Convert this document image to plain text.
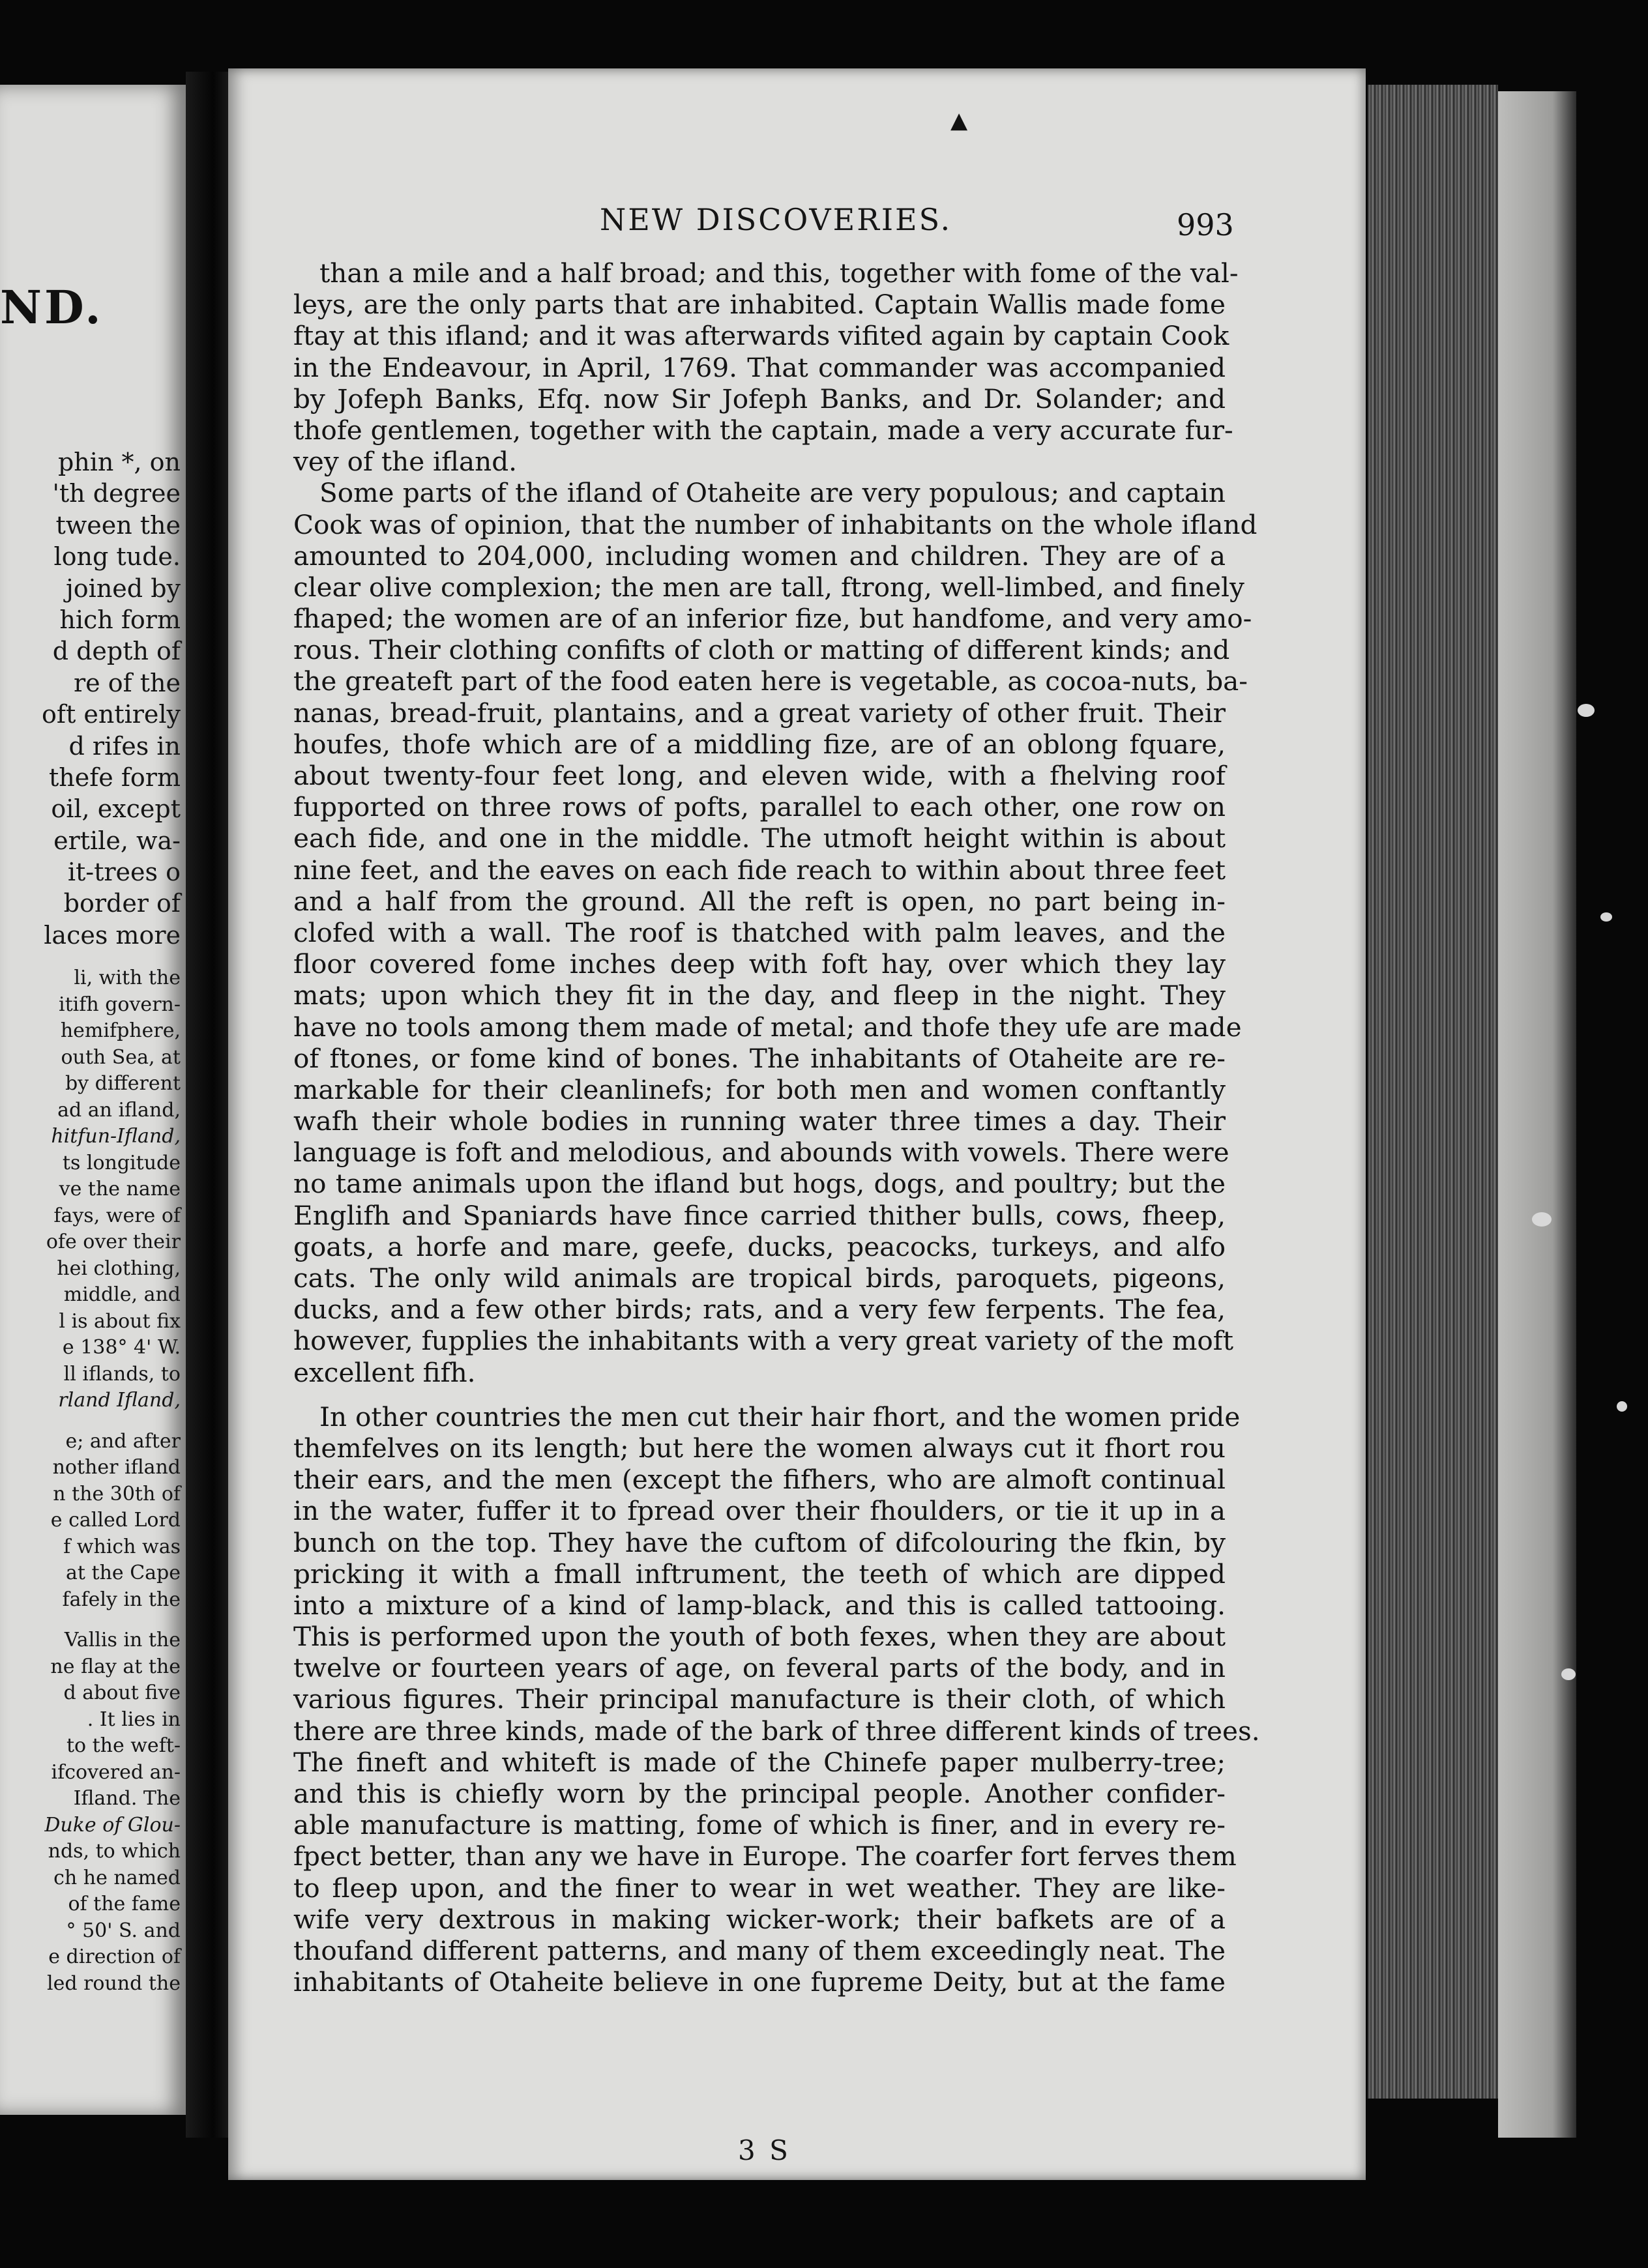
ND.
phin *, on
'th degree
tween the
long tude.
joined by
hich form
d depth of
re of the
oft entirely
d rifes in
thefe form
oil, except
ertile, wa-
it-trees o
border of
laces more
li, with the
itifh govern-
hemifphere,
outh Sea, at
by different
ad an ifland,
hitfun-Ifland,
ts longitude
ve the name
fays, were of
ofe over their
hei clothing,
middle, and
l is about fix
e 138° 4' W.
ll iflands, to
rland Ifland,
e; and after
nother ifland
n the 30th of
e called Lord
f which was
at the Cape
fafely in the
Vallis in the
ne flay at the
d about five
. It lies in
to the weft-
ifcovered an-
Ifland. The
Duke of Glou-
nds, to which
ch he named
of the fame
° 50' S. and
e direction of
led round the
▲
NEW DISCOVERIES.	993
than a mile and a half broad; and this, together with fome of the val-
leys, are the only parts that are inhabited. Captain Wallis made fome
ftay at this ifland; and it was afterwards vifited again by captain Cook
in the Endeavour, in April, 1769. That commander was accompanied
by Jofeph Banks, Efq. now Sir Jofeph Banks, and Dr. Solander; and
thofe gentlemen, together with the captain, made a very accurate fur-
vey of the ifland.
Some parts of the ifland of Otaheite are very populous; and captain
Cook was of opinion, that the number of inhabitants on the whole ifland
amounted to 204,000, including women and children. They are of a
clear olive complexion; the men are tall, ftrong, well-limbed, and finely
fhaped; the women are of an inferior fize, but handfome, and very amo-
rous. Their clothing confifts of cloth or matting of different kinds; and
the greateft part of the food eaten here is vegetable, as cocoa-nuts, ba-
nanas, bread-fruit, plantains, and a great variety of other fruit. Their
houfes, thofe which are of a middling fize, are of an oblong fquare,
about twenty-four feet long, and eleven wide, with a fhelving roof
fupported on three rows of pofts, parallel to each other, one row on
each fide, and one in the middle. The utmoft height within is about
nine feet, and the eaves on each fide reach to within about three feet
and a half from the ground. All the reft is open, no part being in-
clofed with a wall. The roof is thatched with palm leaves, and the
floor covered fome inches deep with foft hay, over which they lay
mats; upon which they fit in the day, and fleep in the night. They
have no tools among them made of metal; and thofe they ufe are made
of ftones, or fome kind of bones. The inhabitants of Otaheite are re-
markable for their cleanlinefs; for both men and women conftantly
wafh their whole bodies in running water three times a day. Their
language is foft and melodious, and abounds with vowels. There were
no tame animals upon the ifland but hogs, dogs, and poultry; but the
Englifh and Spaniards have fince carried thither bulls, cows, fheep,
goats, a horfe and mare, geefe, ducks, peacocks, turkeys, and alfo
cats. The only wild animals are tropical birds, paroquets, pigeons,
ducks, and a few other birds; rats, and a very few ferpents. The fea,
however, fupplies the inhabitants with a very great variety of the moft
excellent fifh.
In other countries the men cut their hair fhort, and the women pride
themfelves on its length; but here the women always cut it fhort rou
their ears, and the men (except the fifhers, who are almoft continual
in the water, fuffer it to fpread over their fhoulders, or tie it up in a
bunch on the top. They have the cuftom of difcolouring the fkin, by
pricking it with a fmall inftrument, the teeth of which are dipped
into a mixture of a kind of lamp-black, and this is called tattooing.
This is performed upon the youth of both fexes, when they are about
twelve or fourteen years of age, on feveral parts of the body, and in
various figures. Their principal manufacture is their cloth, of which
there are three kinds, made of the bark of three different kinds of trees.
The fineft and whiteft is made of the Chinefe paper mulberry-tree;
and this is chiefly worn by the principal people. Another confider-
able manufacture is matting, fome of which is finer, and in every re-
fpect better, than any we have in Europe. The coarfer fort ferves them
to fleep upon, and the finer to wear in wet weather. They are like-
wife very dextrous in making wicker-work; their bafkets are of a
thoufand different patterns, and many of them exceedingly neat. The
inhabitants of Otaheite believe in one fupreme Deity, but at the fame
3 S
